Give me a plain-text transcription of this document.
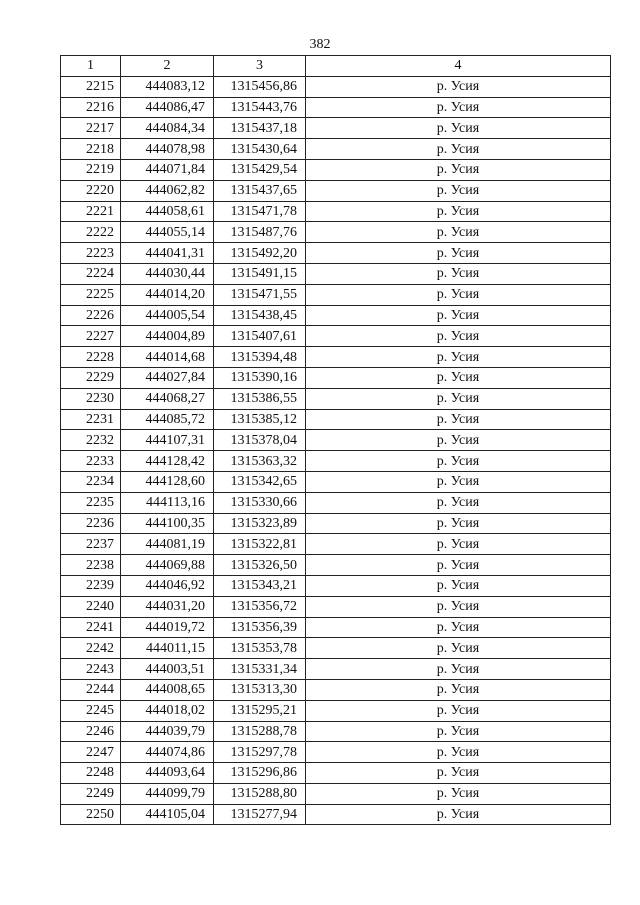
382
1	2	3	4
2215	444083,12	1315456,86	р. Усия
2216	444086,47	1315443,76	р. Усия
2217	444084,34	1315437,18	р. Усия
2218	444078,98	1315430,64	р. Усия
2219	444071,84	1315429,54	р. Усия
2220	444062,82	1315437,65	р. Усия
2221	444058,61	1315471,78	р. Усия
2222	444055,14	1315487,76	р. Усия
2223	444041,31	1315492,20	р. Усия
2224	444030,44	1315491,15	р. Усия
2225	444014,20	1315471,55	р. Усия
2226	444005,54	1315438,45	р. Усия
2227	444004,89	1315407,61	р. Усия
2228	444014,68	1315394,48	р. Усия
2229	444027,84	1315390,16	р. Усия
2230	444068,27	1315386,55	р. Усия
2231	444085,72	1315385,12	р. Усия
2232	444107,31	1315378,04	р. Усия
2233	444128,42	1315363,32	р. Усия
2234	444128,60	1315342,65	р. Усия
2235	444113,16	1315330,66	р. Усия
2236	444100,35	1315323,89	р. Усия
2237	444081,19	1315322,81	р. Усия
2238	444069,88	1315326,50	р. Усия
2239	444046,92	1315343,21	р. Усия
2240	444031,20	1315356,72	р. Усия
2241	444019,72	1315356,39	р. Усия
2242	444011,15	1315353,78	р. Усия
2243	444003,51	1315331,34	р. Усия
2244	444008,65	1315313,30	р. Усия
2245	444018,02	1315295,21	р. Усия
2246	444039,79	1315288,78	р. Усия
2247	444074,86	1315297,78	р. Усия
2248	444093,64	1315296,86	р. Усия
2249	444099,79	1315288,80	р. Усия
2250	444105,04	1315277,94	р. Усия
